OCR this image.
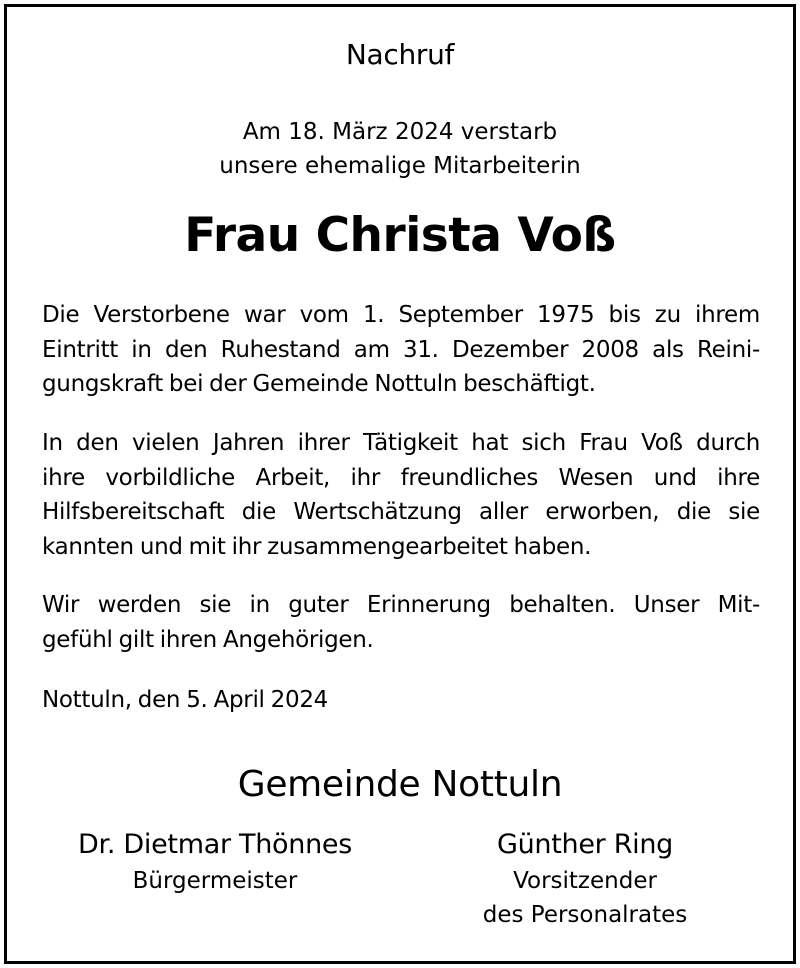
Nachruf
Am 18. März 2024 verstarb
unsere ehemalige Mitarbeiterin
Frau Christa Voß
Die Verstorbene war vom 1. September 1975 bis zu ihrem
Eintritt in den Ruhestand am 31. Dezember 2008 als Reini-
gungskraft bei der Gemeinde Nottuln beschäftigt.
In den vielen Jahren ihrer Tätigkeit hat sich Frau Voß durch
ihre vorbildliche Arbeit, ihr freundliches Wesen und ihre
Hilfsbereitschaft die Wertschätzung aller erworben, die sie
kannten und mit ihr zusammengearbeitet haben.
Wir werden sie in guter Erinnerung behalten. Unser Mit-
gefühl gilt ihren Angehörigen.
Nottuln, den 5. April 2024
Gemeinde Nottuln
Dr. Dietmar Thönnes
Bürgermeister
Günther Ring
Vorsitzender
des Personalrates
